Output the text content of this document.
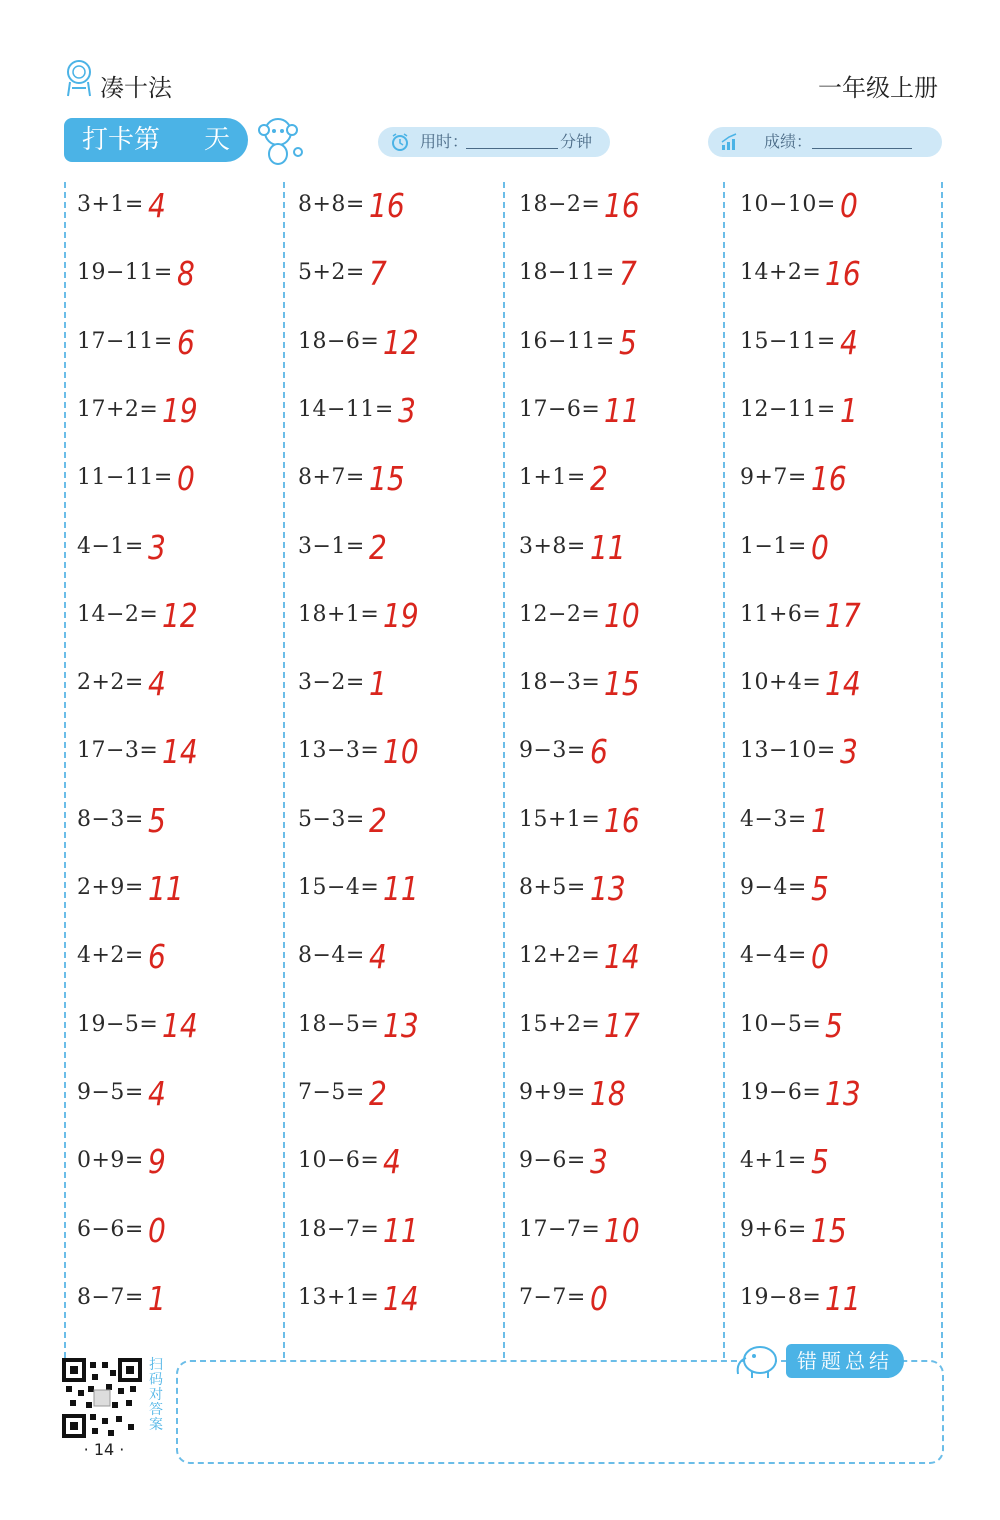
凑十法	一年级上册
打卡第 天	用时：	分钟	成绩：
3+1= 4
19−11= 8
17−11= 6
17+2= 19
11−11= 0
4−1= 3
14−2= 12
2+2= 4
17−3= 14
8−3= 5
2+9= 11
4+2= 6
19−5= 14
9−5= 4
0+9= 9
6−6= 0
8−7= 1
8+8= 16
5+2= 7
18−6= 12
14−11= 3
8+7= 15
3−1= 2
18+1= 19
3−2= 1
13−3= 10
5−3= 2
15−4= 11
8−4= 4
18−5= 13
7−5= 2
10−6= 4
18−7= 11
13+1= 14
18−2= 16
18−11= 7
16−11= 5
17−6= 11
1+1= 2
3+8= 11
12−2= 10
18−3= 15
9−3= 6
15+1= 16
8+5= 13
12+2= 14
15+2= 17
9+9= 18
9−6= 3
17−7= 10
7−7= 0
10−10= 0
14+2= 16
15−11= 4
12−11= 1
9+7= 16
1−1= 0
11+6= 17
10+4= 14
13−10= 3
4−3= 1
9−4= 5
4−4= 0
10−5= 5
19−6= 13
4+1= 5
9+6= 15
19−8= 11
扫码对答案
· 14 ·
错题总结
